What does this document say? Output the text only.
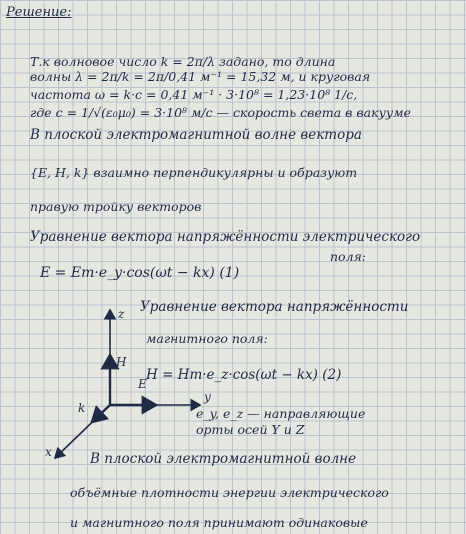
Решение:
Т.к волновое число k = 2π/λ задано, то длина
волны λ = 2π/k = 2π/0,41 м⁻¹ = 15,32 м, и круговая
частота ω = k·c = 0,41 м⁻¹ · 3·10⁸ = 1,23·10⁸ 1/с,
где c = 1/√(ε₀μ₀) = 3·10⁸ м/с — скорость света в вакууме
В плоской электромагнитной волне вектора
{E, H, k} взаимно перпендикулярны и образуют
правую тройку векторов
Уравнение вектора напряжённости электрического
поля:
E = Em·e_y·cos(ωt − kx) (1)
Уравнение вектора напряжённости
магнитного поля:
H = Hm·e_z·cos(ωt − kx) (2)
e_y, e_z — направляющие
орты осей Y и Z
В плоской электромагнитной волне
объёмные плотности энергии электрического
и магнитного поля принимают одинаковые
z
y
x
H
E
k
